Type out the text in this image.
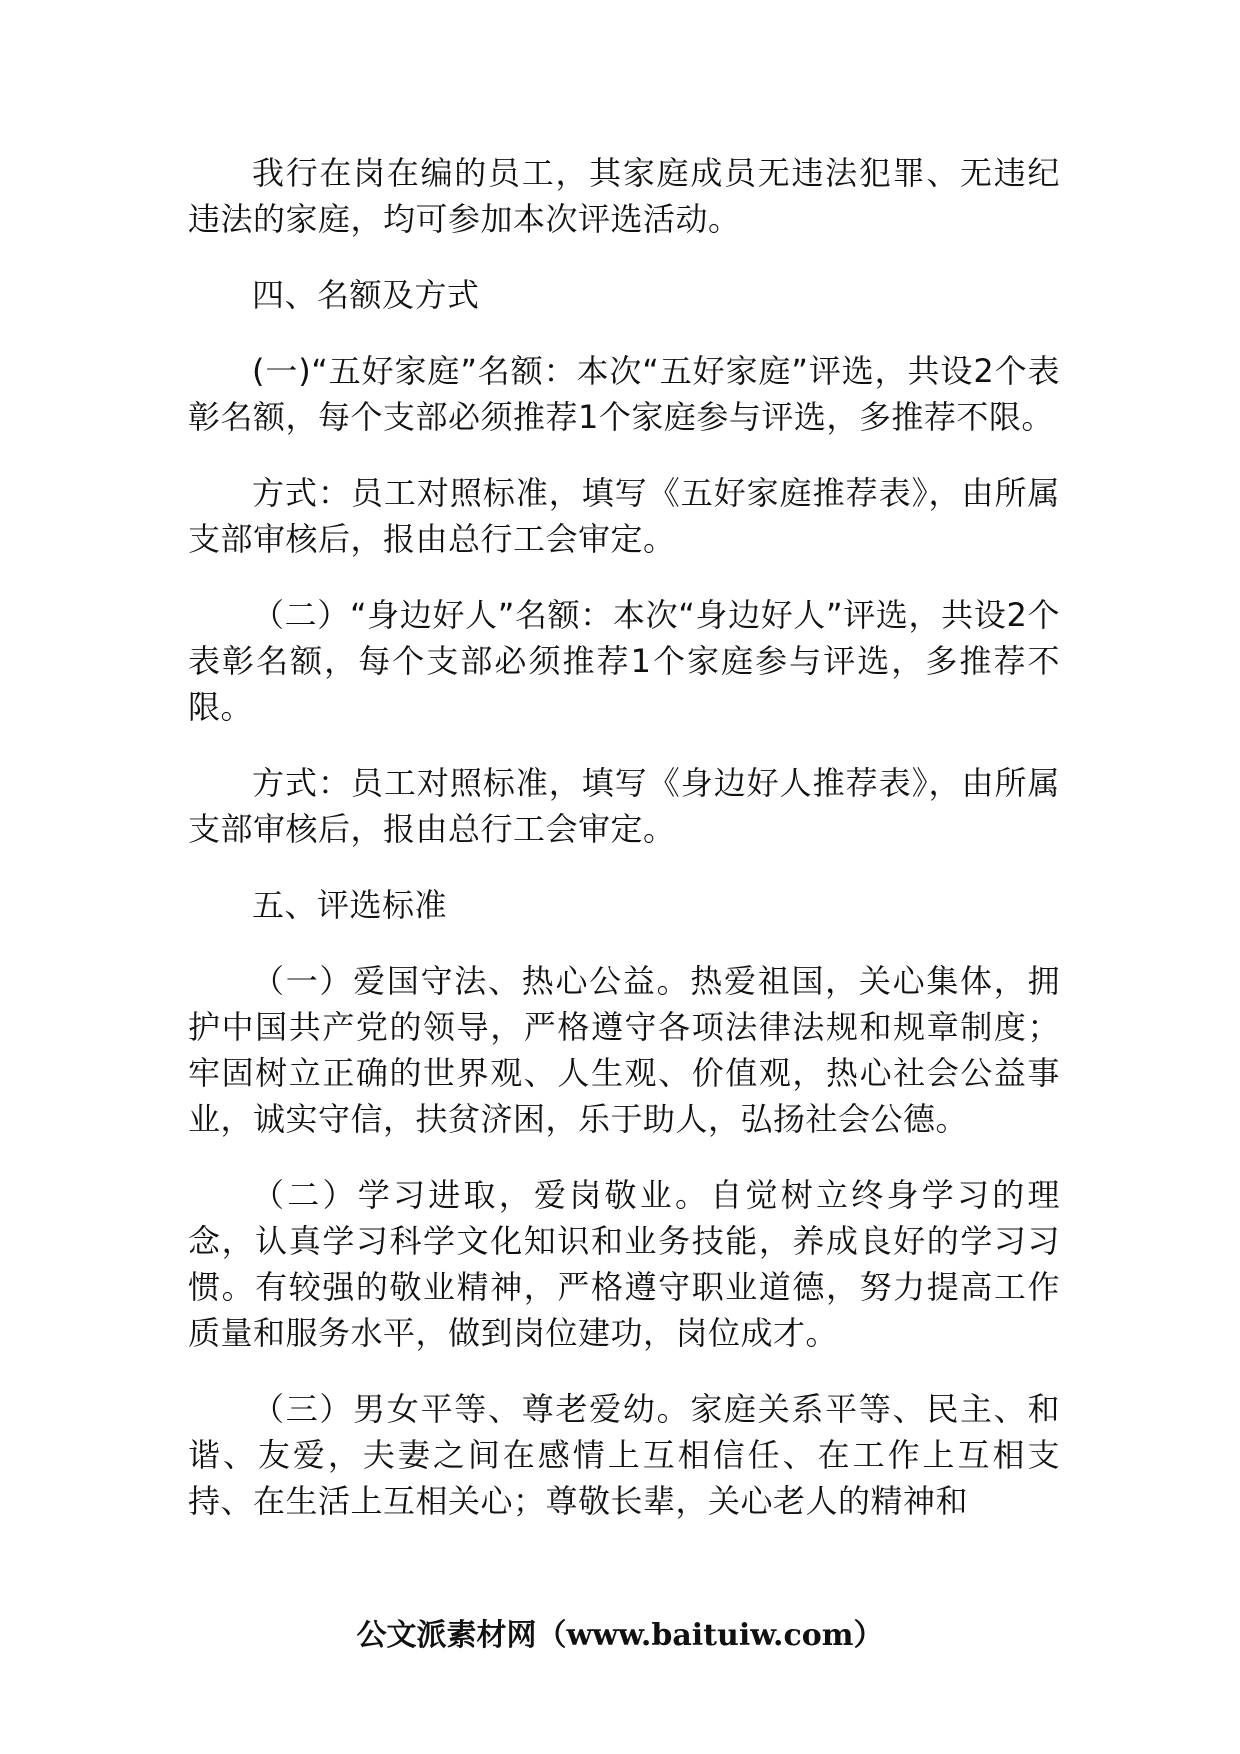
我行在岗在编的员工，其家庭成员无违法犯罪、无违纪违法的家庭，均可参加本次评选活动。

四、名额及方式

(一)“五好家庭”名额：本次“五好家庭”评选，共设2个表彰名额，每个支部必须推荐1个家庭参与评选，多推荐不限。

方式：员工对照标准，填写《五好家庭推荐表》，由所属支部审核后，报由总行工会审定。

（二）“身边好人”名额：本次“身边好人”评选，共设2个表彰名额，每个支部必须推荐1个家庭参与评选，多推荐不限。

方式：员工对照标准，填写《身边好人推荐表》，由所属支部审核后，报由总行工会审定。

五、评选标准

（一）爱国守法、热心公益。热爱祖国，关心集体，拥护中国共产党的领导，严格遵守各项法律法规和规章制度；牢固树立正确的世界观、人生观、价值观，热心社会公益事业，诚实守信，扶贫济困，乐于助人，弘扬社会公德。

（二）学习进取，爱岗敬业。自觉树立终身学习的理念，认真学习科学文化知识和业务技能，养成良好的学习习惯。有较强的敬业精神，严格遵守职业道德，努力提高工作质量和服务水平，做到岗位建功，岗位成才。

（三）男女平等、尊老爱幼。家庭关系平等、民主、和谐、友爱，夫妻之间在感情上互相信任、在工作上互相支持、在生活上互相关心；尊敬长辈，关心老人的精神和

公文派素材网（www.baituiw.com）
